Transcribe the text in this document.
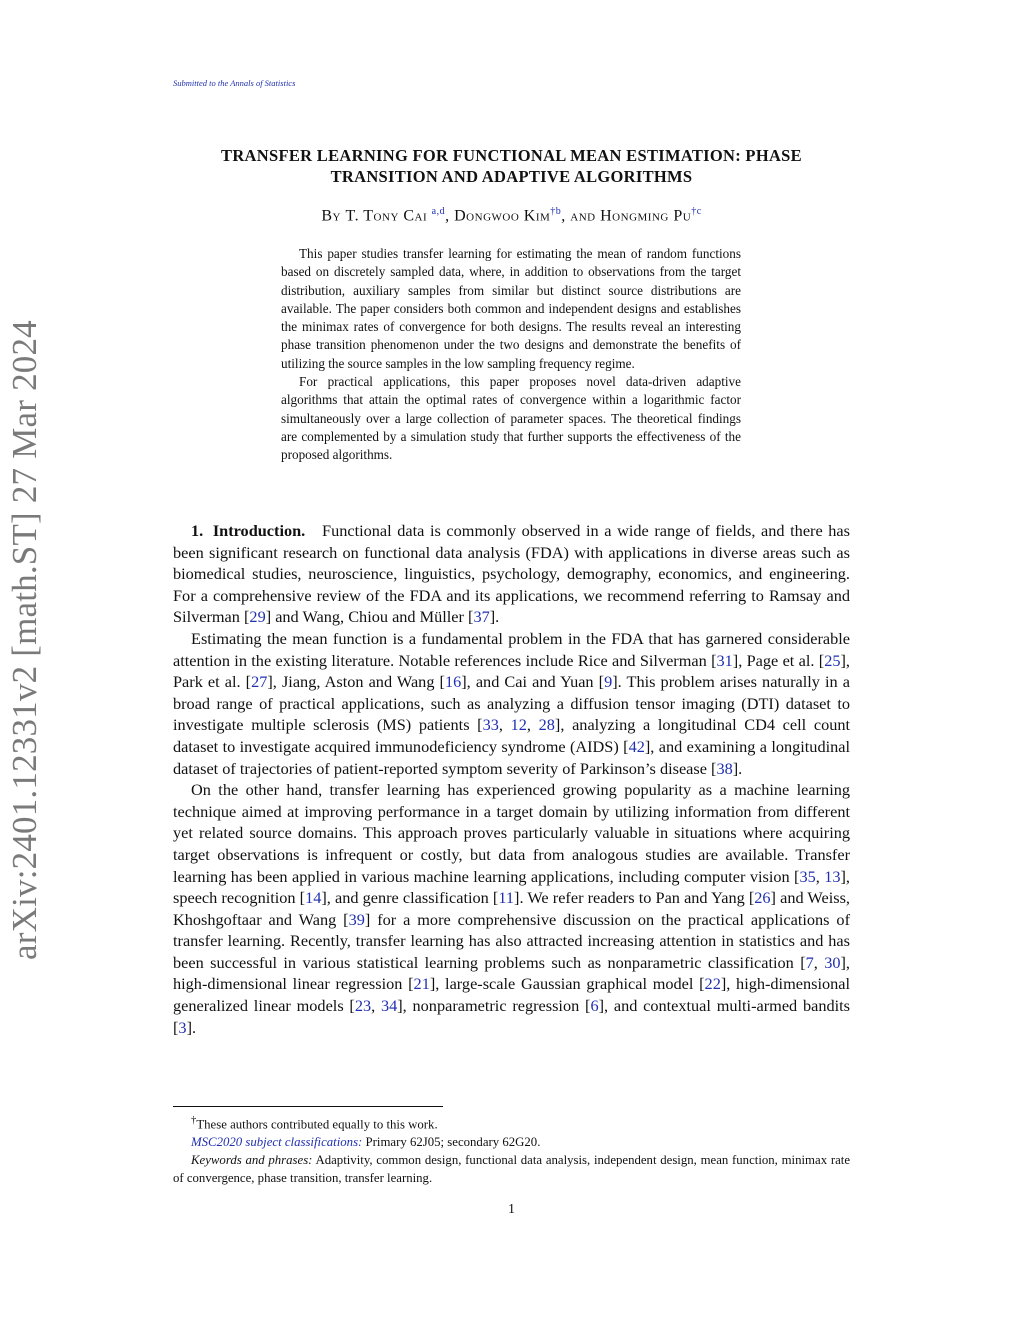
Submitted to the Annals of Statistics
arXiv:2401.12331v2 [math.ST] 27 Mar 2024
TRANSFER LEARNING FOR FUNCTIONAL MEAN ESTIMATION: PHASE TRANSITION AND ADAPTIVE ALGORITHMS
By T. Tony Cai $^{a,d}$, Dongwoo Kim$^{\dagger b}$, and Hongming Pu$^{\dagger c}$

This paper studies transfer learning for estimating the mean of random functions based on discretely sampled data, where, in addition to observations from the target distribution, auxiliary samples from similar but distinct source distributions are available. The paper considers both common and independent designs and establishes the minimax rates of convergence for both designs. The results reveal an interesting phase transition phenomenon under the two designs and demonstrate the benefits of utilizing the source samples in the low sampling frequency regime.

For practical applications, this paper proposes novel data-driven adaptive algorithms that attain the optimal rates of convergence within a logarithmic factor simultaneously over a large collection of parameter spaces. The theoretical findings are complemented by a simulation study that further supports the effectiveness of the proposed algorithms.

1. Introduction. Functional data is commonly observed in a wide range of fields, and there has been significant research on functional data analysis (FDA) with applications in diverse areas such as biomedical studies, neuroscience, linguistics, psychology, demography, economics, and engineering. For a comprehensive review of the FDA and its applications, we recommend referring to Ramsay and Silverman [29] and Wang, Chiou and Müller [37].

Estimating the mean function is a fundamental problem in the FDA that has garnered considerable attention in the existing literature. Notable references include Rice and Silverman [31], Page et al. [25], Park et al. [27], Jiang, Aston and Wang [16], and Cai and Yuan [9]. This problem arises naturally in a broad range of practical applications, such as analyzing a diffusion tensor imaging (DTI) dataset to investigate multiple sclerosis (MS) patients [33, 12, 28], analyzing a longitudinal CD4 cell count dataset to investigate acquired immunodeficiency syndrome (AIDS) [42], and examining a longitudinal dataset of trajectories of patient-reported symptom severity of Parkinson’s disease [38].

On the other hand, transfer learning has experienced growing popularity as a machine learning technique aimed at improving performance in a target domain by utilizing information from different yet related source domains. This approach proves particularly valuable in situations where acquiring target observations is infrequent or costly, but data from analogous studies are available. Transfer learning has been applied in various machine learning applications, including computer vision [35, 13], speech recognition [14], and genre classification [11]. We refer readers to Pan and Yang [26] and Weiss, Khoshgoftaar and Wang [39] for a more comprehensive discussion on the practical applications of transfer learning. Recently, transfer learning has also attracted increasing attention in statistics and has been successful in various statistical learning problems such as nonparametric classification [7, 30], high-dimensional linear regression [21], large-scale Gaussian graphical model [22], high-dimensional generalized linear models [23, 34], nonparametric regression [6], and contextual multi-armed bandits [3].

†These authors contributed equally to this work.

MSC2020 subject classifications: Primary 62J05; secondary 62G20.

Keywords and phrases: Adaptivity, common design, functional data analysis, independent design, mean function, minimax rate of convergence, phase transition, transfer learning.

1
